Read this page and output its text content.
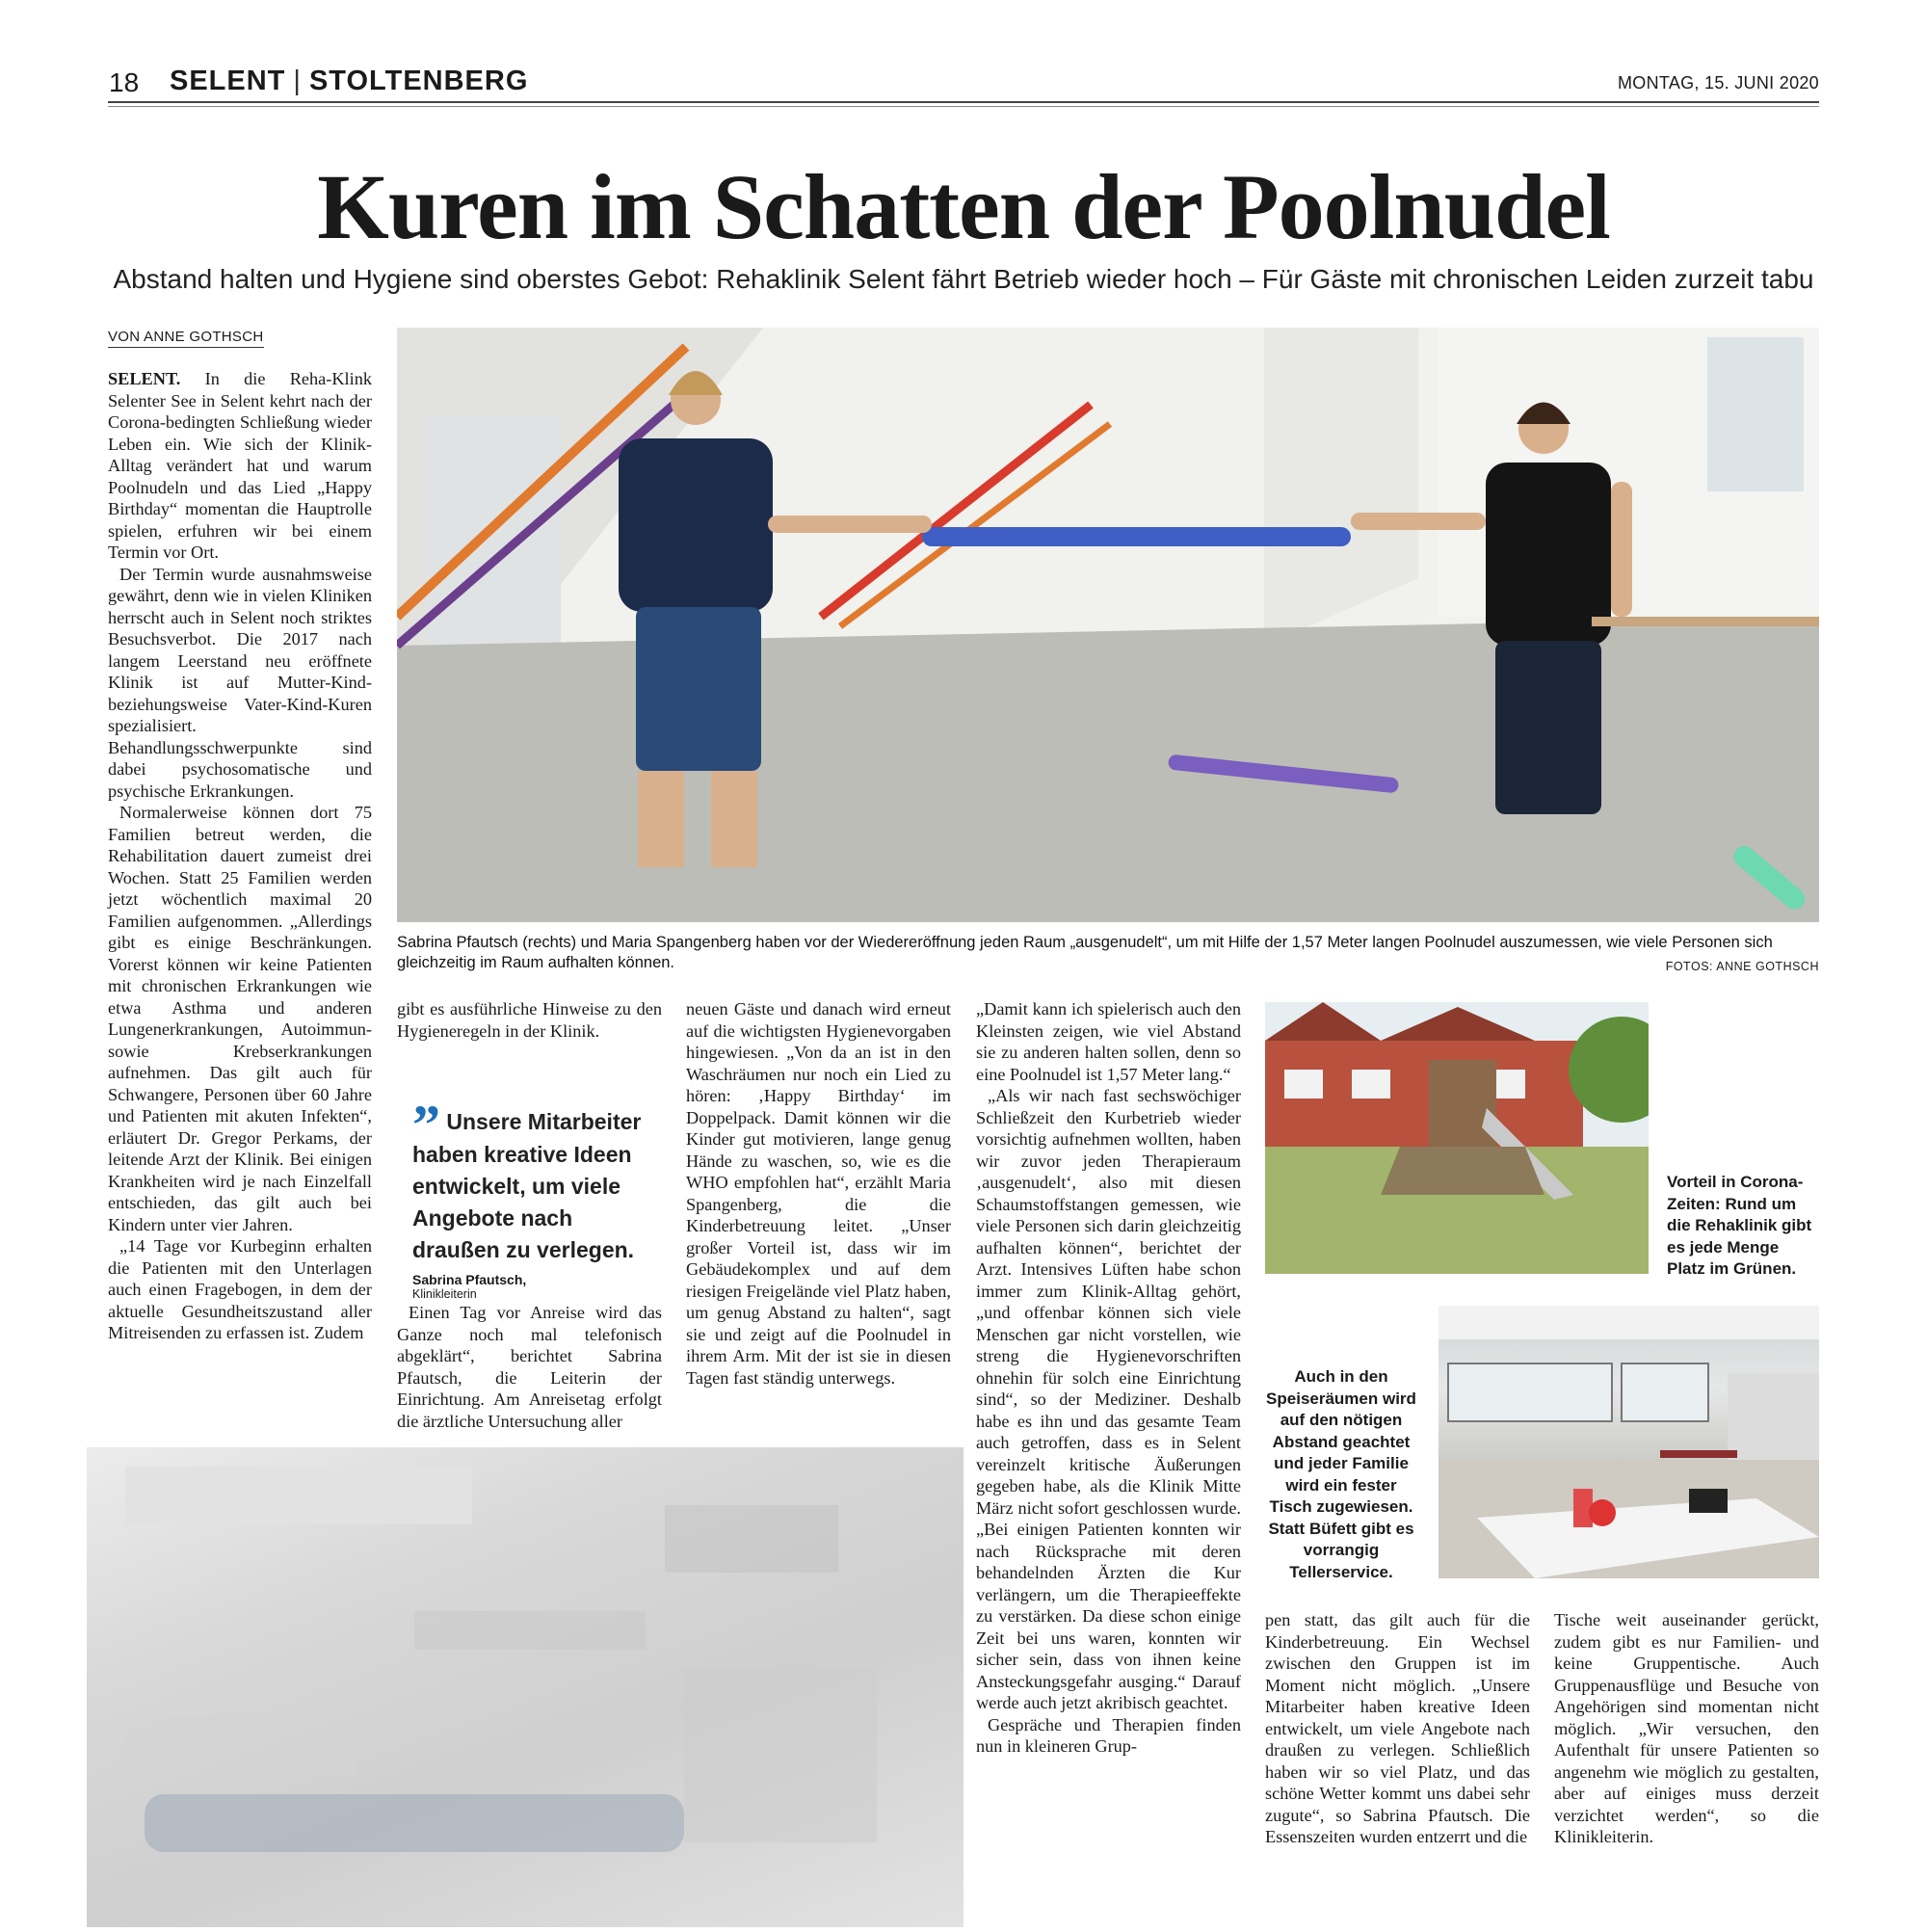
18 SELENT | STOLTENBERG	MONTAG, 15. JUNI 2020
Kuren im Schatten der Poolnudel
Abstand halten und Hygiene sind oberstes Gebot: Rehaklinik Selent fährt Betrieb wieder hoch – Für Gäste mit chronischen Leiden zurzeit tabu
VON ANNE GOTHSCH
Sabrina Pfautsch (rechts) und Maria Spangenberg haben vor der Wiedereröffnung jeden Raum „ausgenudelt“, um mit Hilfe der 1,57 Meter langen Poolnudel auszumessen, wie viele Personen sich gleichzeitig im Raum aufhalten können.	FOTOS: ANNE GOTHSCH

SELENT. In die Reha-Klink Selenter See in Selent kehrt nach der Corona-bedingten Schließung wieder Leben ein. Wie sich der Klinik-Alltag verändert hat und warum Poolnudeln und das Lied „Happy Birthday“ momentan die Hauptrolle spielen, erfuhren wir bei einem Termin vor Ort.

Der Termin wurde ausnahmsweise gewährt, denn wie in vielen Kliniken herrscht auch in Selent noch striktes Besuchsverbot. Die 2017 nach langem Leerstand neu eröffnete Klinik ist auf Mutter-Kind- beziehungsweise Vater-Kind-Kuren spezialisiert. Behandlungsschwerpunkte sind dabei psychosomatische und psychische Erkrankungen.

Normalerweise können dort 75 Familien betreut werden, die Rehabilitation dauert zumeist drei Wochen. Statt 25 Familien werden jetzt wöchentlich maximal 20 Familien aufgenommen. „Allerdings gibt es einige Beschränkungen. Vorerst können wir keine Patienten mit chronischen Erkrankungen wie etwa Asthma und anderen Lungenerkrankungen, Autoimmun- sowie Krebserkrankungen aufnehmen. Das gilt auch für Schwangere, Personen über 60 Jahre und Patienten mit akuten Infekten“, erläutert Dr. Gregor Perkams, der leitende Arzt der Klinik. Bei einigen Krankheiten wird je nach Einzelfall entschieden, das gilt auch bei Kindern unter vier Jahren.

„14 Tage vor Kurbeginn erhalten die Patienten mit den Unterlagen auch einen Fragebogen, in dem der aktuelle Gesundheitszustand aller Mitreisenden zu erfassen ist. Zudem

gibt es ausführliche Hinweise zu den Hygieneregeln in der Klinik.

” Unsere Mitarbeiter haben kreative Ideen entwickelt, um viele Angebote nach draußen zu verlegen.
Sabrina Pfautsch,
Klinikleiterin

Einen Tag vor Anreise wird das Ganze noch mal telefonisch abgeklärt“, berichtet Sabrina Pfautsch, die Leiterin der Einrichtung. Am Anreisetag erfolgt die ärztliche Untersuchung aller

neuen Gäste und danach wird erneut auf die wichtigsten Hygienevorgaben hingewiesen. „Von da an ist in den Waschräumen nur noch ein Lied zu hören: ‚Happy Birthday‘ im Doppelpack. Damit können wir die Kinder gut motivieren, lange genug Hände zu waschen, so, wie es die WHO empfohlen hat“, erzählt Maria Spangenberg, die die Kinderbetreuung leitet. „Unser großer Vorteil ist, dass wir im Gebäudekomplex und auf dem riesigen Freigelände viel Platz haben, um genug Abstand zu halten“, sagt sie und zeigt auf die Poolnudel in ihrem Arm. Mit der ist sie in diesen Tagen fast ständig unterwegs.

„Damit kann ich spielerisch auch den Kleinsten zeigen, wie viel Abstand sie zu anderen halten sollen, denn so eine Poolnudel ist 1,57 Meter lang.“

„Als wir nach fast sechswöchiger Schließzeit den Kurbetrieb wieder vorsichtig aufnehmen wollten, haben wir zuvor jeden Therapieraum ‚ausgenudelt‘, also mit diesen Schaumstoffstangen gemessen, wie viele Personen sich darin gleichzeitig aufhalten können“, berichtet der Arzt. Intensives Lüften habe schon immer zum Klinik-Alltag gehört, „und offenbar können sich viele Menschen gar nicht vorstellen, wie streng die Hygienevorschriften ohnehin für solch eine Einrichtung sind“, so der Mediziner. Deshalb habe es ihn und das gesamte Team auch getroffen, dass es in Selent vereinzelt kritische Äußerungen gegeben habe, als die Klinik Mitte März nicht sofort geschlossen wurde. „Bei einigen Patienten konnten wir nach Rücksprache mit deren behandelnden Ärzten die Kur verlängern, um die Therapieeffekte zu verstärken. Da diese schon einige Zeit bei uns waren, konnten wir sicher sein, dass von ihnen keine Ansteckungsgefahr ausging.“ Darauf werde auch jetzt akribisch geachtet.

Gespräche und Therapien finden nun in kleineren Grup-

Vorteil in Corona-Zeiten: Rund um die Rehaklinik gibt es jede Menge Platz im Grünen.
Auch in den Speiseräumen wird auf den nötigen Abstand geachtet und jeder Familie wird ein fester Tisch zugewiesen. Statt Büfett gibt es vorrangig Tellerservice.

pen statt, das gilt auch für die Kinderbetreuung. Ein Wechsel zwischen den Gruppen ist im Moment nicht möglich. „Unsere Mitarbeiter haben kreative Ideen entwickelt, um viele Angebote nach draußen zu verlegen. Schließlich haben wir so viel Platz, und das schöne Wetter kommt uns dabei sehr zugute“, so Sabrina Pfautsch. Die Essenszeiten wurden entzerrt und die

Tische weit auseinander gerückt, zudem gibt es nur Familien- und keine Gruppentische. Auch Gruppenausflüge und Besuche von Angehörigen sind momentan nicht möglich. „Wir versuchen, den Aufenthalt für unsere Patienten so angenehm wie möglich zu gestalten, aber auf einiges muss derzeit verzichtet werden“, so die Klinikleiterin.
